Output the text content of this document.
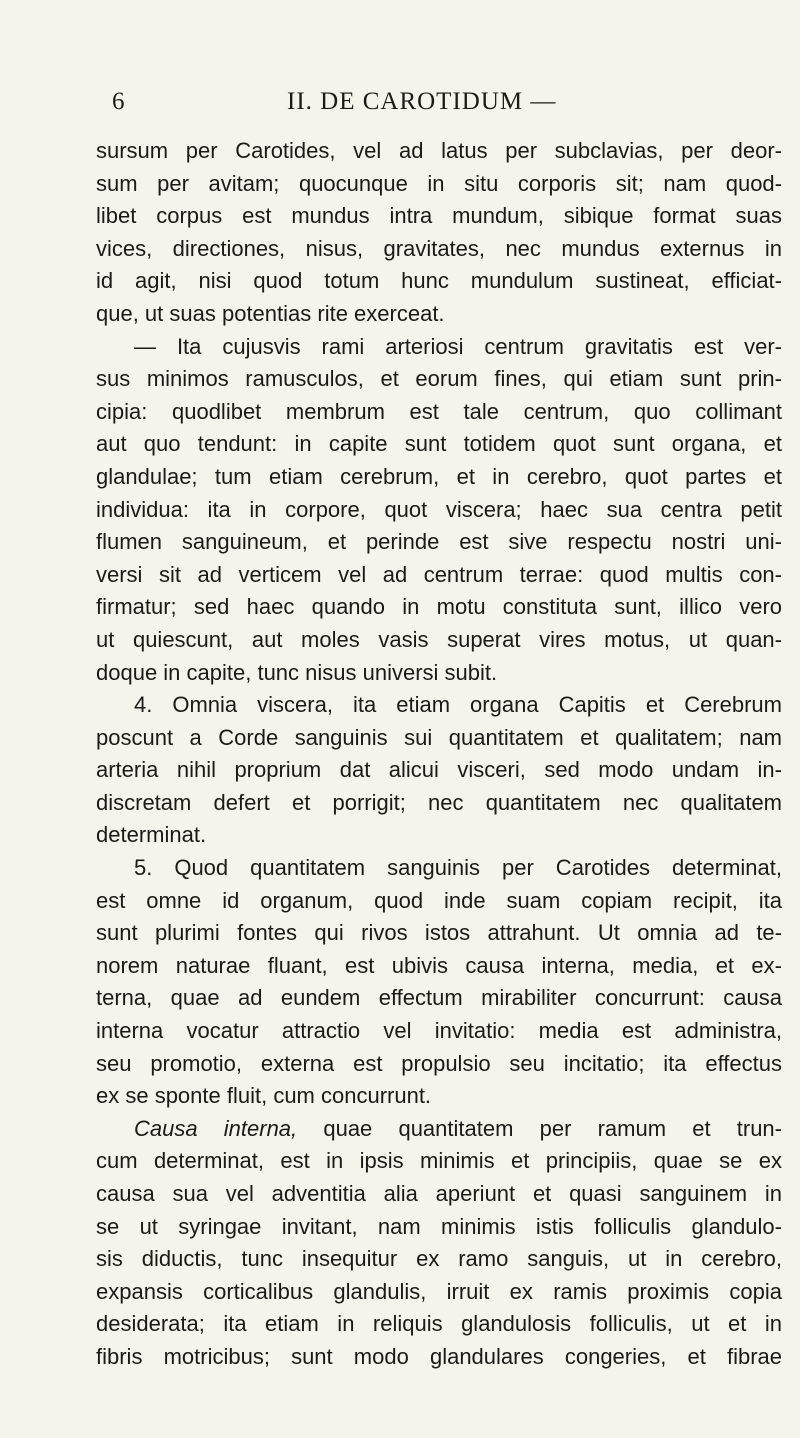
6	II. DE CAROTIDUM —
sursum per Carotides, vel ad latus per subclavias, per deor-
sum per avitam; quocunque in situ corporis sit; nam quod-
libet corpus est mundus intra mundum, sibique format suas
vices, directiones, nisus, gravitates, nec mundus externus in
id agit, nisi quod totum hunc mundulum sustineat, efficiat-
que, ut suas potentias rite exerceat.
— Ita cujusvis rami arteriosi centrum gravitatis est ver-
sus minimos ramusculos, et eorum fines, qui etiam sunt prin-
cipia: quodlibet membrum est tale centrum, quo collimant
aut quo tendunt: in capite sunt totidem quot sunt organa, et
glandulae; tum etiam cerebrum, et in cerebro, quot partes et
individua: ita in corpore, quot viscera; haec sua centra petit
flumen sanguineum, et perinde est sive respectu nostri uni-
versi sit ad verticem vel ad centrum terrae: quod multis con-
firmatur; sed haec quando in motu constituta sunt, illico vero
ut quiescunt, aut moles vasis superat vires motus, ut quan-
doque in capite, tunc nisus universi subit.
4. Omnia viscera, ita etiam organa Capitis et Cerebrum
poscunt a Corde sanguinis sui quantitatem et qualitatem; nam
arteria nihil proprium dat alicui visceri, sed modo undam in-
discretam defert et porrigit; nec quantitatem nec qualitatem
determinat.
5. Quod quantitatem sanguinis per Carotides determinat,
est omne id organum, quod inde suam copiam recipit, ita
sunt plurimi fontes qui rivos istos attrahunt. Ut omnia ad te-
norem naturae fluant, est ubivis causa interna, media, et ex-
terna, quae ad eundem effectum mirabiliter concurrunt: causa
interna vocatur attractio vel invitatio: media est administra,
seu promotio, externa est propulsio seu incitatio; ita effectus
ex se sponte fluit, cum concurrunt.
Causa interna, quae quantitatem per ramum et trun-
cum determinat, est in ipsis minimis et principiis, quae se ex
causa sua vel adventitia alia aperiunt et quasi sanguinem in
se ut syringae invitant, nam minimis istis folliculis glandulo-
sis diductis, tunc insequitur ex ramo sanguis, ut in cerebro,
expansis corticalibus glandulis, irruit ex ramis proximis copia
desiderata; ita etiam in reliquis glandulosis folliculis, ut et in
fibris motricibus; sunt modo glandulares congeries, et fibrae
